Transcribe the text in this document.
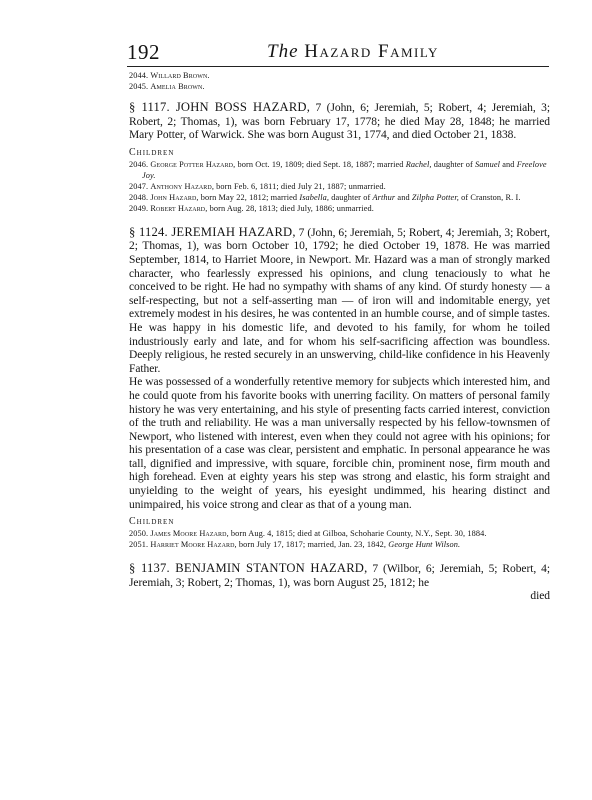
192	The Hazard Family
2044. Willard Brown.
2045. Amelia Brown.

§ 1117. JOHN BOSS HAZARD, 7 (John, 6; Jeremiah, 5; Robert, 4; Jeremiah, 3; Robert, 2; Thomas, 1), was born February 17, 1778; he died May 28, 1848; he married Mary Potter, of Warwick. She was born August 31, 1774, and died October 21, 1838.

Children
2046. George Potter Hazard, born Oct. 19, 1809; died Sept. 18, 1887; married Rachel, daughter of Samuel and Freelove Joy.
2047. Anthony Hazard, born Feb. 6, 1811; died July 21, 1887; unmarried.
2048. John Hazard, born May 22, 1812; married Isabella, daughter of Arthur and Zilpha Potter, of Cranston, R. I.
2049. Robert Hazard, born Aug. 28, 1813; died July, 1886; unmarried.

§ 1124. JEREMIAH HAZARD, 7 (John, 6; Jeremiah, 5; Robert, 4; Jeremiah, 3; Robert, 2; Thomas, 1), was born October 10, 1792; he died October 19, 1878. He was married September, 1814, to Harriet Moore, in Newport. Mr. Hazard was a man of strongly marked character, who fearlessly expressed his opinions, and clung tenaciously to what he conceived to be right. He had no sympathy with shams of any kind. Of sturdy honesty — a self-respecting, but not a self-asserting man — of iron will and indomitable energy, yet extremely modest in his desires, he was contented in an humble course, and of simple tastes. He was happy in his domestic life, and devoted to his family, for whom he toiled industriously early and late, and for whom his self-sacrificing affection was boundless. Deeply religious, he rested securely in an unswerving, child-like confidence in his Heavenly Father.

He was possessed of a wonderfully retentive memory for subjects which interested him, and he could quote from his favorite books with unerring facility. On matters of personal family history he was very entertaining, and his style of presenting facts carried interest, conviction of the truth and reliability. He was a man universally respected by his fellow-townsmen of Newport, who listened with interest, even when they could not agree with his opinions; for his presentation of a case was clear, persistent and emphatic. In personal appearance he was tall, dignified and impressive, with square, forcible chin, prominent nose, firm mouth and high forehead. Even at eighty years his step was strong and elastic, his form straight and unyielding to the weight of years, his eyesight undimmed, his hearing distinct and unimpaired, his voice strong and clear as that of a young man.

Children
2050. James Moore Hazard, born Aug. 4, 1815; died at Gilboa, Schoharie County, N.Y., Sept. 30, 1884.
2051. Harriet Moore Hazard, born July 17, 1817; married, Jan. 23, 1842, George Hunt Wilson.

§ 1137. BENJAMIN STANTON HAZARD, 7 (Wilbor, 6; Jeremiah, 5; Robert, 4; Jeremiah, 3; Robert, 2; Thomas, 1), was born August 25, 1812; he
died
